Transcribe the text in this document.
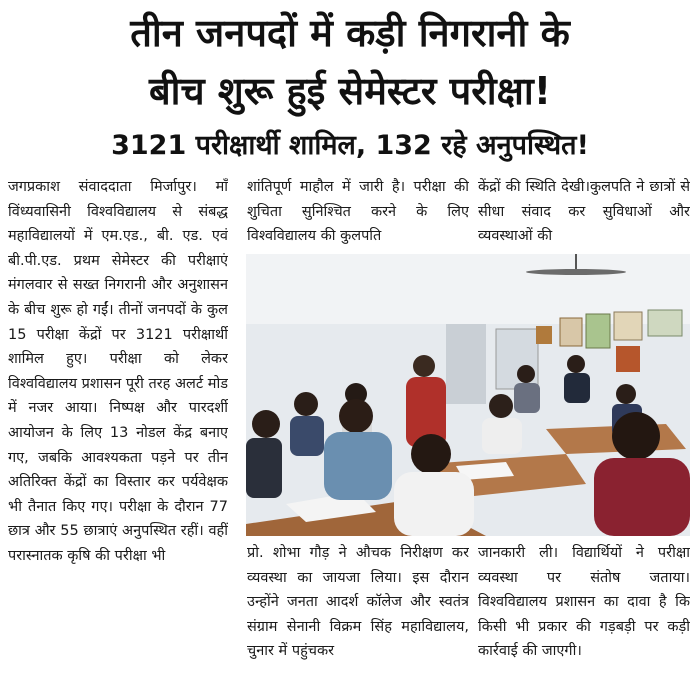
तीन जनपदों में कड़ी निगरानी के
बीच शुरू हुई सेमेस्टर परीक्षा!
3121 परीक्षार्थी शामिल, 132 रहे अनुपस्थित!

जगप्रकाश संवाददाता मिर्जापुर। माँ विंध्यवासिनी विश्वविद्यालय से संबद्ध महाविद्यालयों में एम.एड., बी. एड. एवं बी.पी.एड. प्रथम सेमेस्टर की परीक्षाएं मंगलवार से सख्त निगरानी और अनुशासन के बीच शुरू हो गईं। तीनों जनपदों के कुल 15 परीक्षा केंद्रों पर 3121 परीक्षार्थी शामिल हुए। परीक्षा को लेकर विश्वविद्यालय प्रशासन पूरी तरह अलर्ट मोड में नजर आया। निष्पक्ष और पारदर्शी आयोजन के लिए 13 नोडल केंद्र बनाए गए, जबकि आवश्यकता पड़ने पर तीन अतिरिक्त केंद्रों का विस्तार कर पर्यवेक्षक भी तैनात किए गए। परीक्षा के दौरान 77 छात्र और 55 छात्राएं अनुपस्थित रहीं। वहीं परास्नातक कृषि की परीक्षा भी

शांतिपूर्ण माहौल में जारी है। परीक्षा की शुचिता सुनिश्चित करने के लिए विश्वविद्यालय की कुलपति

केंद्रों की स्थिति देखी।कुलपति ने छात्रों से सीधा संवाद कर सुविधाओं और व्यवस्थाओं की

प्रो. शोभा गौड़ ने औचक निरीक्षण कर व्यवस्था का जायजा लिया। इस दौरान उन्होंने जनता आदर्श कॉलेज और स्वतंत्र संग्राम सेनानी विक्रम सिंह महाविद्यालय, चुनार में पहुंचकर

जानकारी ली। विद्यार्थियों ने परीक्षा व्यवस्था पर संतोष जताया। विश्वविद्यालय प्रशासन का दावा है कि किसी भी प्रकार की गड़बड़ी पर कड़ी कार्रवाई की जाएगी।
